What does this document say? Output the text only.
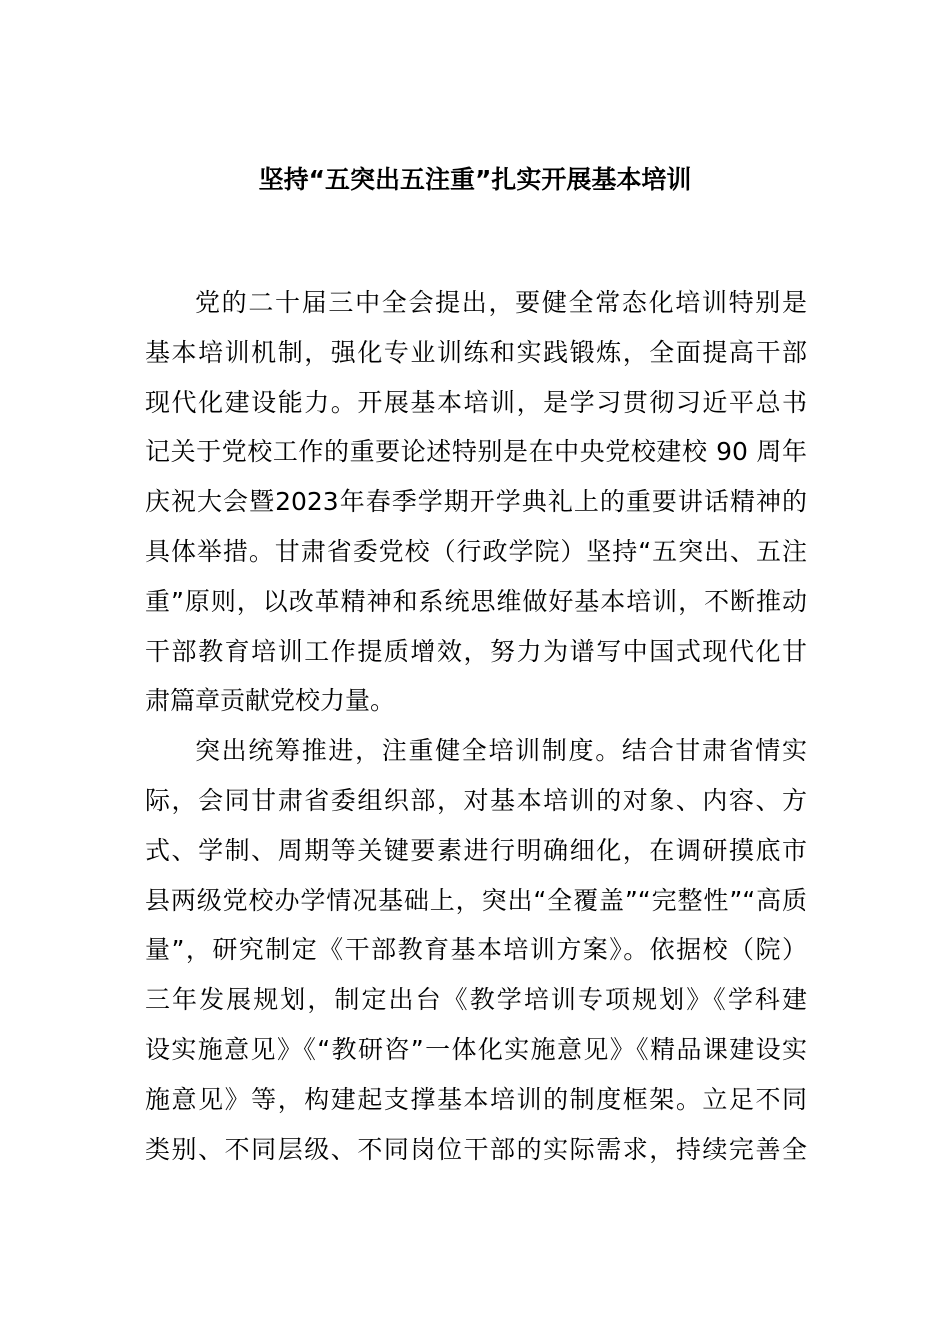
坚持“五突出五注重”扎实开展基本培训
党的二十届三中全会提出，要健全常态化培训特别是
基本培训机制，强化专业训练和实践锻炼，全面提高干部
现代化建设能力。开展基本培训，是学习贯彻习近平总书
记关于党校工作的重要论述特别是在中央党校建校 90 周年
庆祝大会暨2023年春季学期开学典礼上的重要讲话精神的
具体举措。甘肃省委党校（行政学院）坚持“五突出、五注
重”原则，以改革精神和系统思维做好基本培训，不断推动
干部教育培训工作提质增效，努力为谱写中国式现代化甘
肃篇章贡献党校力量。
突出统筹推进，注重健全培训制度。结合甘肃省情实
际，会同甘肃省委组织部，对基本培训的对象、内容、方
式、学制、周期等关键要素进行明确细化，在调研摸底市
县两级党校办学情况基础上，突出“全覆盖”“完整性”“高质
量”，研究制定《干部教育基本培训方案》。依据校（院）
三年发展规划，制定出台《教学培训专项规划》《学科建
设实施意见》《“教研咨”一体化实施意见》《精品课建设实
施意见》等，构建起支撑基本培训的制度框架。立足不同
类别、不同层级、不同岗位干部的实际需求，持续完善全
